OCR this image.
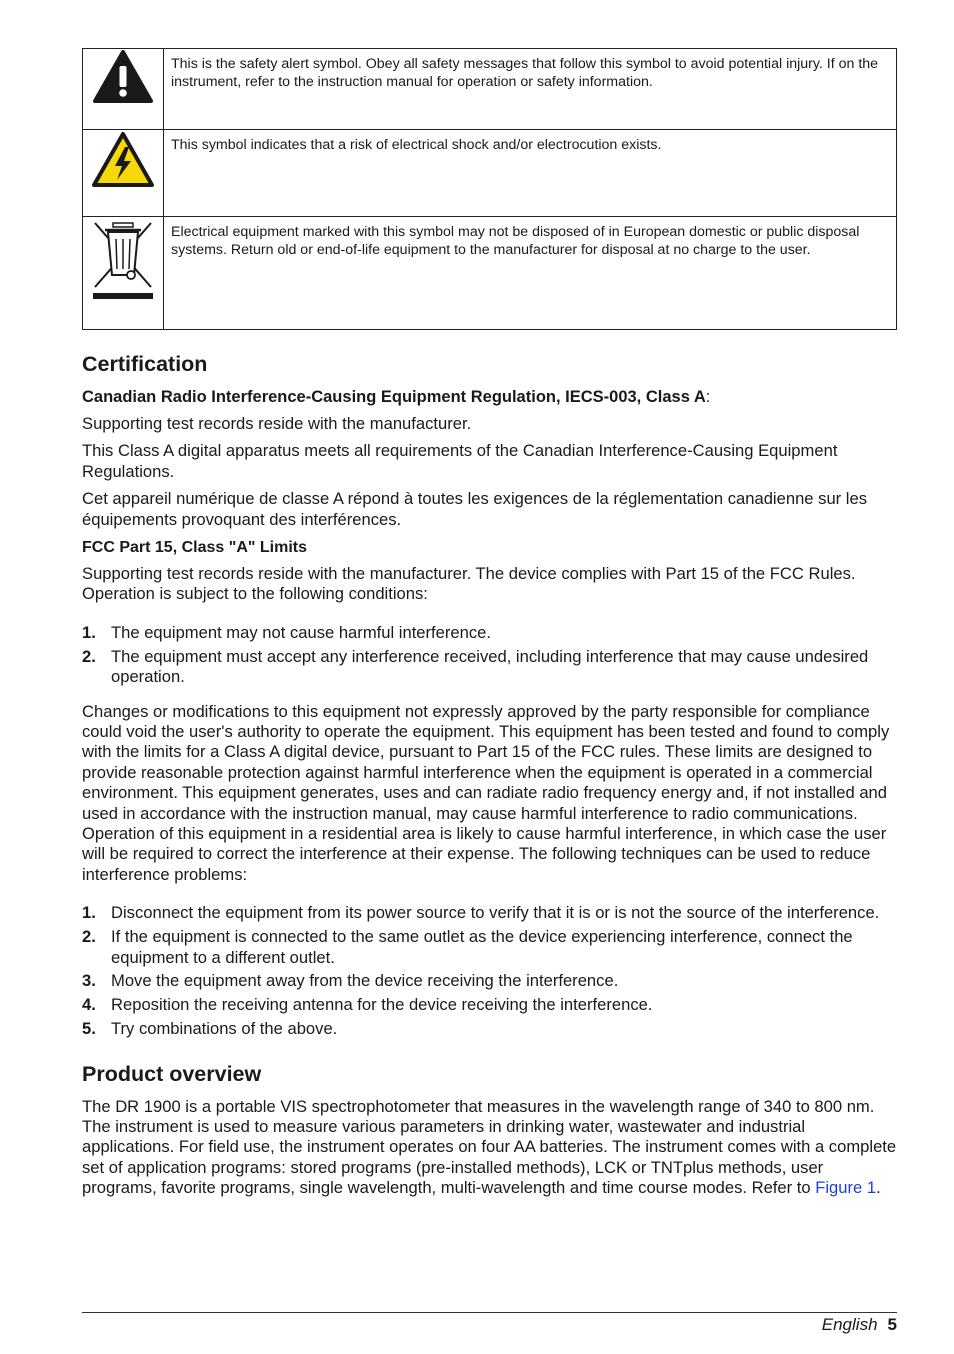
	This is the safety alert symbol. Obey all safety messages that follow this symbol to avoid potential injury. If on the instrument, refer to the instruction manual for operation or safety information.
	This symbol indicates that a risk of electrical shock and/or electrocution exists.
	Electrical equipment marked with this symbol may not be disposed of in European domestic or public disposal systems. Return old or end-of-life equipment to the manufacturer for disposal at no charge to the user.
Certification
Canadian Radio Interference-Causing Equipment Regulation, IECS-003, Class A:

Supporting test records reside with the manufacturer.

This Class A digital apparatus meets all requirements of the Canadian Interference-Causing Equipment Regulations.

Cet appareil numérique de classe A répond à toutes les exigences de la réglementation canadienne sur les équipements provoquant des interférences.

FCC Part 15, Class "A" Limits

Supporting test records reside with the manufacturer. The device complies with Part 15 of the FCC Rules. Operation is subject to the following conditions:

1. The equipment may not cause harmful interference.
2. The equipment must accept any interference received, including interference that may cause undesired operation.

Changes or modifications to this equipment not expressly approved by the party responsible for compliance could void the user's authority to operate the equipment. This equipment has been tested and found to comply with the limits for a Class A digital device, pursuant to Part 15 of the FCC rules. These limits are designed to provide reasonable protection against harmful interference when the equipment is operated in a commercial environment. This equipment generates, uses and can radiate radio frequency energy and, if not installed and used in accordance with the instruction manual, may cause harmful interference to radio communications. Operation of this equipment in a residential area is likely to cause harmful interference, in which case the user will be required to correct the interference at their expense. The following techniques can be used to reduce interference problems:

1. Disconnect the equipment from its power source to verify that it is or is not the source of the interference.
2. If the equipment is connected to the same outlet as the device experiencing interference, connect the equipment to a different outlet.
3. Move the equipment away from the device receiving the interference.
4. Reposition the receiving antenna for the device receiving the interference.
5. Try combinations of the above.
Product overview

The DR 1900 is a portable VIS spectrophotometer that measures in the wavelength range of 340 to 800 nm. The instrument is used to measure various parameters in drinking water, wastewater and industrial applications. For field use, the instrument operates on four AA batteries. The instrument comes with a complete set of application programs: stored programs (pre-installed methods), LCK or TNTplus methods, user programs, favorite programs, single wavelength, multi-wavelength and time course modes. Refer to Figure 1.

English 5
